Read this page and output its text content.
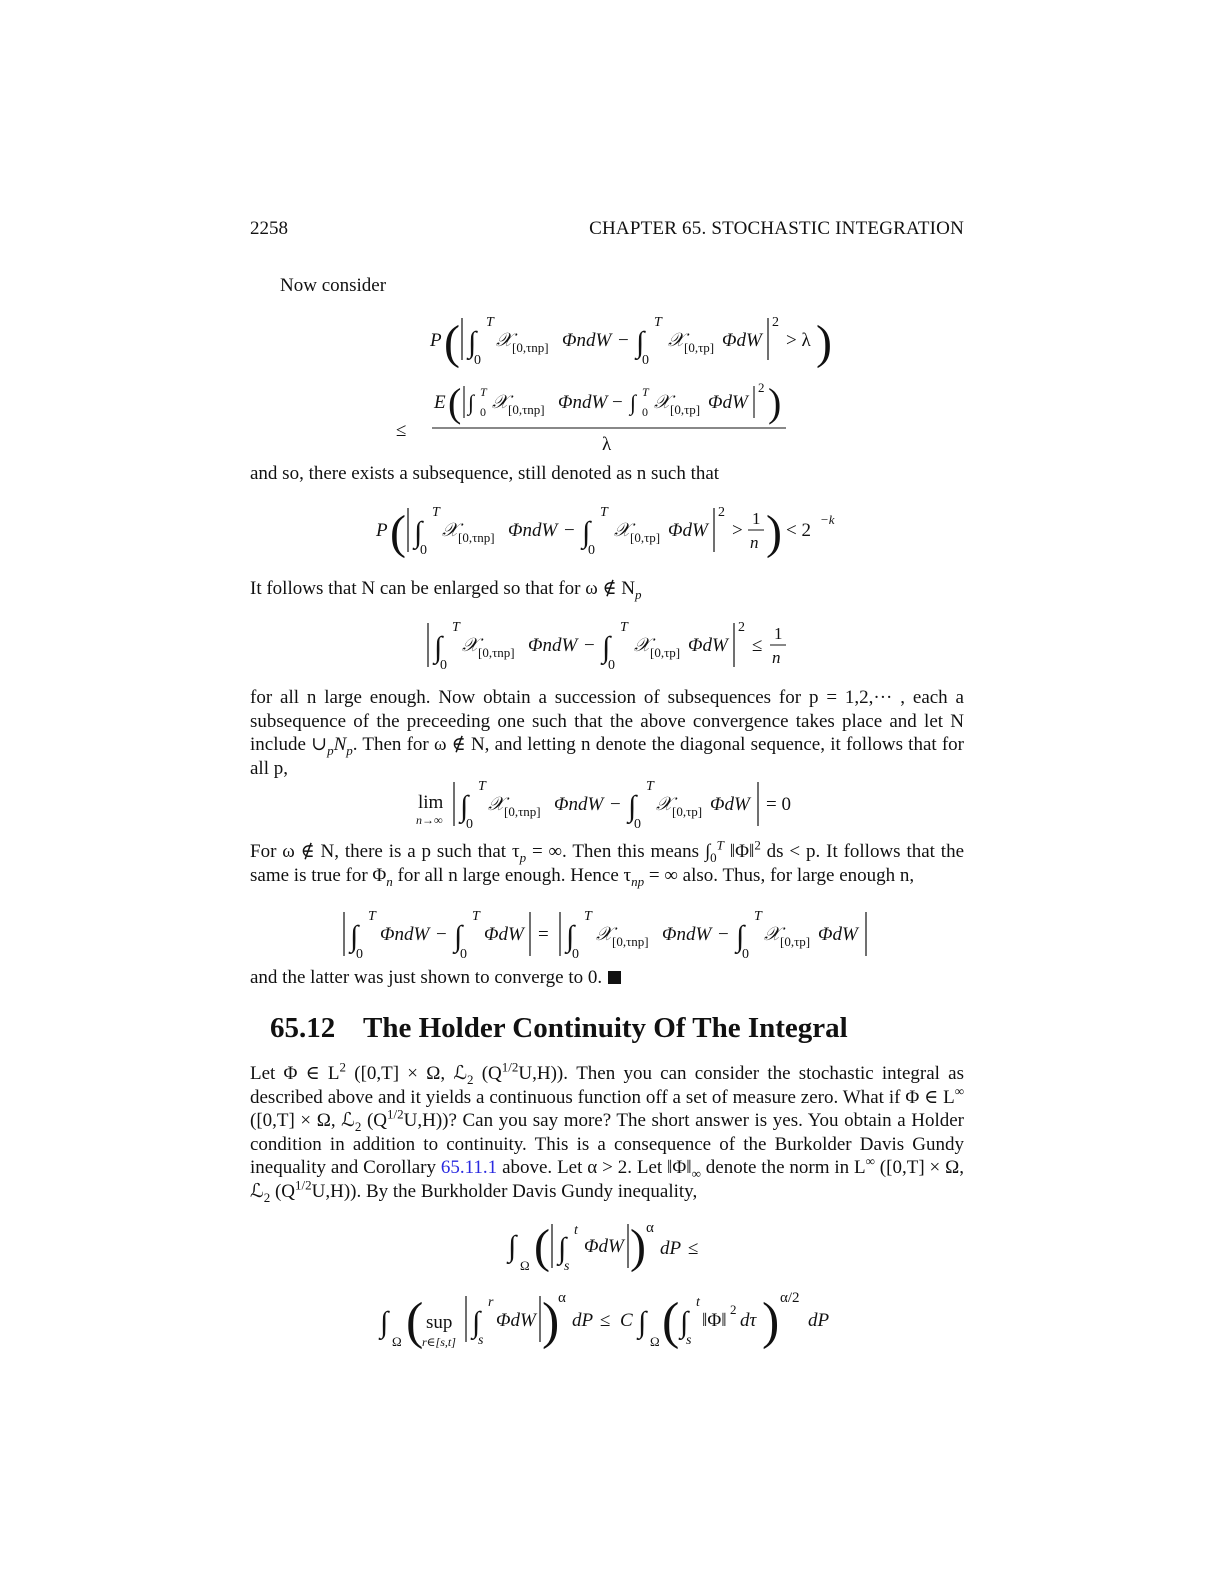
2258	CHAPTER 65. STOCHASTIC INTEGRATION

Now consider

P ( ∫
T
0
𝒳 [0,τnp] ΦndW − ∫
T
0
𝒳 [0,τp] ΦdW
2
> λ )
≤
E ( ∫ T
0 𝒳 [0,τnp] ΦndW − ∫ T
0 𝒳 [0,τp] ΦdW
2 )
λ

and so, there exists a subsequence, still denoted as n such that

P ( ∫
T
0
𝒳 [0,τnp] ΦndW − ∫
T
0
𝒳 [0,τp] ΦdW
2
>
1
n ) < 2
−k

It follows that N can be enlarged so that for ω ∉ $N_p$

∫
T
0
𝒳 [0,τnp] ΦndW − ∫
T
0
𝒳 [0,τp] ΦdW
2
≤
1
n

for all n large enough. Now obtain a succession of subsequences for p = 1,2,··· , each a subsequence of the preceeding one such that the above convergence takes place and let N include $\cup_pN_p$. Then for ω ∉ N, and letting n denote the diagonal sequence, it follows that for all p,

lim
n→∞ ∫
T
0
𝒳 [0,τnp] ΦndW − ∫
T
0
𝒳 [0,τp] ΦdW = 0

For ω ∉ N, there is a p such that $\tau_p$ = ∞. Then this means $\int_0^T$ ‖Φ‖$^2$ ds < p. It follows that the same is true for $\Phi_n$ for all n large enough. Hence $\tau_{np}$ = ∞ also. Thus, for large enough n,

∫
T
0
ΦndW − ∫
T
0
ΦdW = ∫
T
0
𝒳 [0,τnp] ΦndW − ∫
T
0
𝒳 [0,τp] ΦdW

and the latter was just shown to converge to 0.

65.12 The Holder Continuity Of The Integral

Let Φ ∈ $L^2$ ([0,T] × Ω, ℒ$_2$ $(Q^{1/2}U,H)$). Then you can consider the stochastic integral as described above and it yields a continuous function off a set of measure zero. What if Φ ∈ L∞ ([0,T] × Ω, ℒ$_2$ $(Q^{1/2}U,H)$)? Can you say more? The short answer is yes. You obtain a Holder condition in addition to continuity. This is a consequence of the Burkolder Davis Gundy inequality and Corollary 65.11.1 above. Let α > 2. Let $‖\Phi‖_\infty$ denote the norm in L∞ ([0,T] × Ω, ℒ$_2$ $(Q^{1/2}U,H)$). By the Burkholder Davis Gundy inequality,

∫
Ω ( ∫
t
s
ΦdW ) α
dP ≤
∫
Ω ( sup
r∈[s,t]
∫
r
s
ΦdW )
α
dP ≤ C ∫
Ω ( ∫
t
s
‖Φ‖
2
dτ ) α/2
dP
